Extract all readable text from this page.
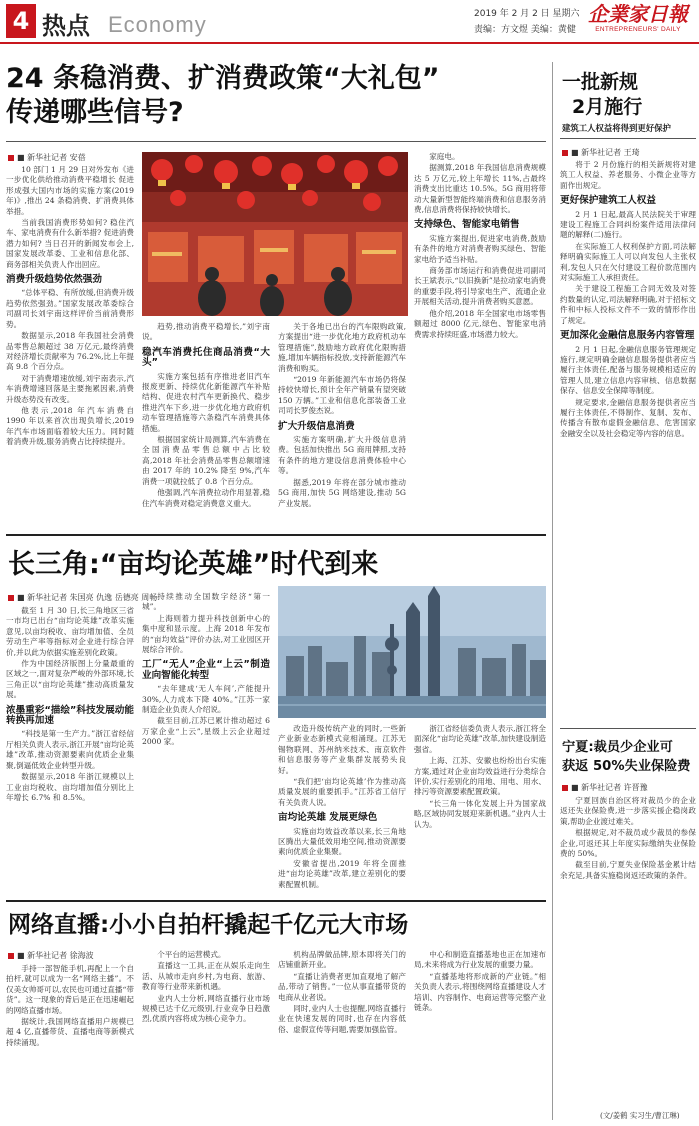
4 热点 Economy	2019 年 2 月 2 日 星期六
责编：方文煜 美编：黄健
企業家日報
ENTREPRENEURS' DAILY
24 条稳消费、扩消费政策“大礼包”
传递哪些信号?
■ 新华社记者 安蓓

10 部门 1 月 29 日对外发布《进一步优化供给推动消费平稳增长 促进形成强大国内市场的实施方案(2019 年)》,推出 24 条稳消费、扩消费具体举措。

当前我国消费形势如何? 稳住汽车、家电消费有什么新举措? 促进消费潜力如何? 当日召开的新闻发布会上,国家发展改革委、工业和信息化部、商务部相关负责人作出回应。

消费升级趋势依然强劲

“总体平稳、有所放缓,但消费升级趋势依然强劲。”国家发展改革委综合司副司长刘宇南这样评价当前消费形势。

数据显示,2018 年我国社会消费品零售总额超过 38 万亿元,最终消费对经济增长贡献率为 76.2%,比上年提高 9.8 个百分点。

对于消费增速放缓,刘宇南表示,汽车消费增速回落是主要拖累因素,消费升级态势没有改变。

他表示,2018 年汽车消费自 1990 年以来首次出现负增长,2019 年汽车市场面临着较大压力。同时随着消费升级,服务消费占比持续提升。

趋势,推动消费平稳增长,”刘宇南说。

稳汽车消费托住商品消费“大头”

实施方案包括有序推进老旧汽车报废更新、持续优化新能源汽车补贴结构、促进农村汽车更新换代、稳步推进汽车下乡,进一步优化地方政府机动车管理措施等六条稳汽车消费具体措施。

根据国家统计局测算,汽车消费在全国消费品零售总额中占比较高,2018 年社会消费品零售总额增速由 2017 年的 10.2% 降至 9%,汽车消费一项就拉低了 0.8 个百分点。

他强调,汽车消费拉动作用显著,稳住汽车消费对稳定消费意义重大。

关于各地已出台的汽车限购政策,方案提出“进一步优化地方政府机动车管理措施”,鼓励地方政府优化限购措施,增加车辆指标投放,支持新能源汽车消费和购买。

“2019 年新能源汽车市场仍将保持较快增长,预计全年产销量有望突破 150 万辆。”工业和信息化部装备工业司司长罗俊杰说。

扩大升级信息消费

实施方案明确,扩大升级信息消费。包括加快推出 5G 商用牌照,支持有条件的地方建设信息消费体验中心等。

据悉,2019 年将在部分城市推动 5G 商用,加快 5G 网络建设,推动 5G 产业发展。

家庭电。

据测算,2018 年我国信息消费规模达 5 万亿元,较上年增长 11%,占最终消费支出比重达 10.5%。5G 商用将带动大量新型智能终端消费和信息服务消费,信息消费将保持较快增长。

支持绿色、智能家电销售

实施方案提出,促进家电消费,鼓励有条件的地方对消费者购买绿色、智能家电给予适当补贴。

商务部市场运行和消费促进司副司长王斌表示,“以旧换新”是拉动家电消费的重要手段,将引导家电生产、流通企业开展相关活动,提升消费者购买意愿。

他介绍,2018 年全国家电市场零售额超过 8000 亿元,绿色、智能家电消费需求持续旺盛,市场潜力较大。

一批新规
2月施行
建筑工人权益将得到更好保护
■ 新华社记者 王琦

将于 2 月份施行的相关新规将对建筑工人权益、养老服务、小微企业等方面作出规定。

更好保护建筑工人权益

2 月 1 日起,最高人民法院关于审理建设工程施工合同纠纷案件适用法律问题的解释(二)施行。

在实际施工人权利保护方面,司法解释明确实际施工人可以向发包人主张权利,发包人只在欠付建设工程价款范围内对实际施工人承担责任。

关于建设工程施工合同无效及对签约数量的认定,司法解释明确,对于招标文件和中标人投标文件不一致的情形作出了规定。

更加深化金融信息服务内容管理

2 月 1 日起,金融信息服务管理规定施行,规定明确金融信息服务提供者应当履行主体责任,配备与服务规模相适应的管理人员,建立信息内容审核、信息数据保存、信息安全保障等制度。

规定要求,金融信息服务提供者应当履行主体责任,不得制作、复制、发布、传播含有散布虚假金融信息、危害国家金融安全以及社会稳定等内容的信息。

长三角:“亩均论英雄”时代到来
■ 新华社记者 朱国亮 仇逸 岳德亮 周畅

截至 1 月 30 日,长三角地区三省一市均已出台“亩均论英雄”改革实施意见,以亩均税收、亩均增加值、全员劳动生产率等指标对企业进行综合评价,并以此为依据实施差别化政策。

作为中国经济版图上分量最重的区域之一,面对复杂严峻的外部环境,长三角正以“亩均论英雄”推动高质量发展。

浓墨重彩“描绘”科技发展动能转换再加速

“科技是第一生产力。”浙江省经信厅相关负责人表示,浙江开展“亩均论英雄”改革,推动资源要素向优质企业集聚,倒逼低效企业转型升级。

数据显示,2018 年浙江规模以上工业亩均税收、亩均增加值分别比上年增长 6.7% 和 8.5%。

持续推动全国数字经济“第一城”。

上海则着力提升科技创新中心的集中度和显示度。上海 2018 年发布的“亩均效益”评价办法,对工业园区开展综合评价。

工厂“无人”企业“上云”制造业向智能化转型

“去年建成‘无人车间’,产能提升 30%,人力成本下降 40%。”江苏一家制造企业负责人介绍说。

截至目前,江苏已累计推动超过 6 万家企业“上云”,星级上云企业超过 2000 家。

改造升级传统产业的同时,一些新产业新业态新模式竞相涌现。江苏无锡物联网、苏州纳米技术、南京软件和信息服务等产业集群发展势头良好。

“我们把‘亩均论英雄’作为推动高质量发展的重要抓手。”江苏省工信厅有关负责人说。

亩均论英雄 发展更绿色

实施亩均效益改革以来,长三角地区腾出大量低效用地空间,推动资源要素向优质企业集聚。

安徽省提出,2019 年将全面推进“亩均论英雄”改革,建立差别化的要素配置机制。

浙江省经信委负责人表示,浙江将全面深化“亩均论英雄”改革,加快建设制造强省。

上海、江苏、安徽也纷纷出台实施方案,通过对企业亩均效益进行分类综合评价,实行差别化的用地、用电、用水、排污等资源要素配置政策。

“长三角一体化发展上升为国家战略,区域协同发展迎来新机遇。”业内人士认为。

宁夏:裁员少企业可
获返 50%失业保险费
■ 新华社记者 许晋豫

宁夏回族自治区将对裁员少的企业返还失业保险费,进一步落实援企稳岗政策,帮助企业渡过难关。

根据规定,对不裁员或少裁员的参保企业,可返还其上年度实际缴纳失业保险费的 50%。

截至目前,宁夏失业保险基金累计结余充足,具备实施稳岗返还政策的条件。

(文/姜鹤 实习生/曹江琳)
网络直播:小小自拍杆撬起千亿元大市场
■ 新华社记者 徐海波

手持一部智能手机,再配上一个自拍杆,就可以成为一名“网络主播”。不仅美女帅哥可以,农民也可通过直播“带货”。这一现象的背后是正在迅速崛起的网络直播市场。

据统计,我国网络直播用户规模已超 4 亿,直播带货、直播电商等新模式持续涌现。

个平台的运营模式。

直播这一工具,正在从娱乐走向生活、从城市走向乡村,为电商、旅游、教育等行业带来新机遇。

业内人士分析,网络直播行业市场规模已达千亿元级别,行业竞争日趋激烈,优质内容将成为核心竞争力。

机构品牌做品牌,原本即将关门的店铺重新开业。

“直播让消费者更加直观地了解产品,带动了销售。”一位从事直播带货的电商从业者说。

同时,业内人士也提醒,网络直播行业在快速发展的同时,也存在内容低俗、虚假宣传等问题,需要加强监管。

中心和制造直播基地也正在加速布局,未来将成为行业发展的重要力量。

“直播基地将形成新的产业链。”相关负责人表示,将围绕网络直播建设人才培训、内容制作、电商运营等完整产业链条。
